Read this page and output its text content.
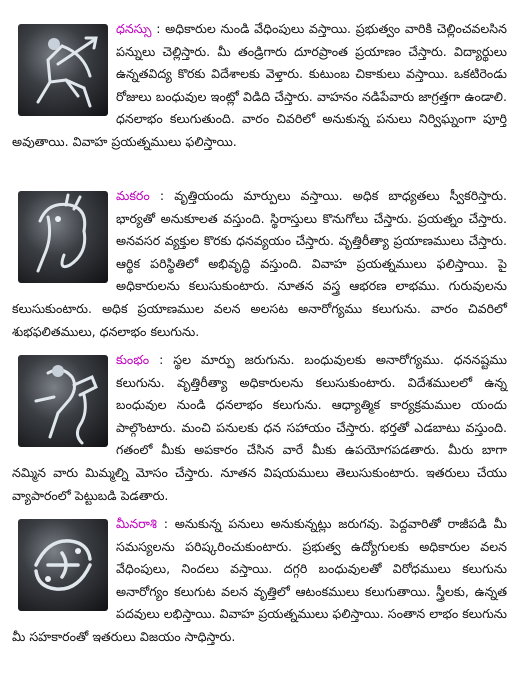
ధనస్సు : అధికారుల నుండి వేధింపులు వస్తాయి. ప్రభుత్వం వారికి చెల్లించవలసిన పన్నులు చెల్లిస్తారు. మీ తండ్రిగారు దూరప్రాంత ప్రయాణం చేస్తారు. విద్యార్థులు ఉన్నతవిద్య కొరకు విదేశాలకు వెళ్తారు. కుటుంబ చికాకులు వస్తాయి. ఒకటిరెండు రోజులు బంధువుల ఇంట్లో విడిది చేస్తారు. వాహనం నడిపేవారు జాగ్రత్తగా ఉండాలి. ధనలాభం కలుగుతుంది. వారం చివరిలో అనుకున్న పనులు నిర్విఘ్నంగా పూర్తి అవుతాయి. వివాహ ప్రయత్నములు ఫలిస్తాయి.

మకరం : వృత్తియందు మార్పులు వస్తాయి. అధిక బాధ్యతలు స్వీకరిస్తారు. భార్యతో అనుకూలత వస్తుంది. స్థిరాస్తులు కొనుగోలు చేస్తారు. ప్రయత్నం చేస్తారు. అనవసర వ్యక్తుల కొరకు ధనవ్యయం చేస్తారు. వృత్తిరీత్యా ప్రయాణములు చేస్తారు. ఆర్థిక పరిస్థితిలో అభివృద్ధి వస్తుంది. వివాహ ప్రయత్నములు ఫలిస్తాయి. పై అధికారులను కలుసుకుంటారు. నూతన వస్త్ర ఆభరణ లాభము. గురువులను కలుసుకుంటారు. అధిక ప్రయాణముల వలన అలసట అనారోగ్యము కలుగును. వారం చివరిలో శుభఫలితములు, ధనలాభం కలుగును.

కుంభం : స్థల మార్పు జరుగును. బంధువులకు అనారోగ్యము. ధననష్టము కలుగును. వృత్తిరీత్యా అధికారులను కలుసుకుంటారు. విదేశములలో ఉన్న బంధువుల నుండి ధనలాభం కలుగును. ఆధ్యాత్మిక కార్యక్రమముల యందు పాల్గొంటారు. మంచి పనులకు ధన సహాయం చేస్తారు. భర్తతో ఎడబాటు వస్తుంది. గతంలో మీకు అపకారం చేసిన వారే మీకు ఉపయోగపడతారు. మీరు బాగా నమ్మిన వారు మిమ్మల్ని మోసం చేస్తారు. నూతన విషయములు తెలుసుకుంటారు. ఇతరులు చేయు వ్యాపారంలో పెట్టుబడి పెడతారు.

మీనరాశి : అనుకున్న పనులు అనుకున్నట్లు జరుగవు. పెద్దవారితో రాజీపడి మీ సమస్యలను పరిష్కరించుకుంటారు. ప్రభుత్వ ఉద్యోగులకు అధికారుల వలన వేధింపులు, నిందలు వస్తాయి. దగ్గరి బంధువులతో విరోధములు కలుగును అనారోగ్యం కలుగుట వలన వృత్తిలో ఆటంకములు కలుగుతాయి. స్త్రీలకు, ఉన్నత పదవులు లభిస్తాయి. వివాహ ప్రయత్నములు ఫలిస్తాయి. సంతాన లాభం కలుగును మీ సహకారంతో ఇతరులు విజయం సాధిస్తారు.
